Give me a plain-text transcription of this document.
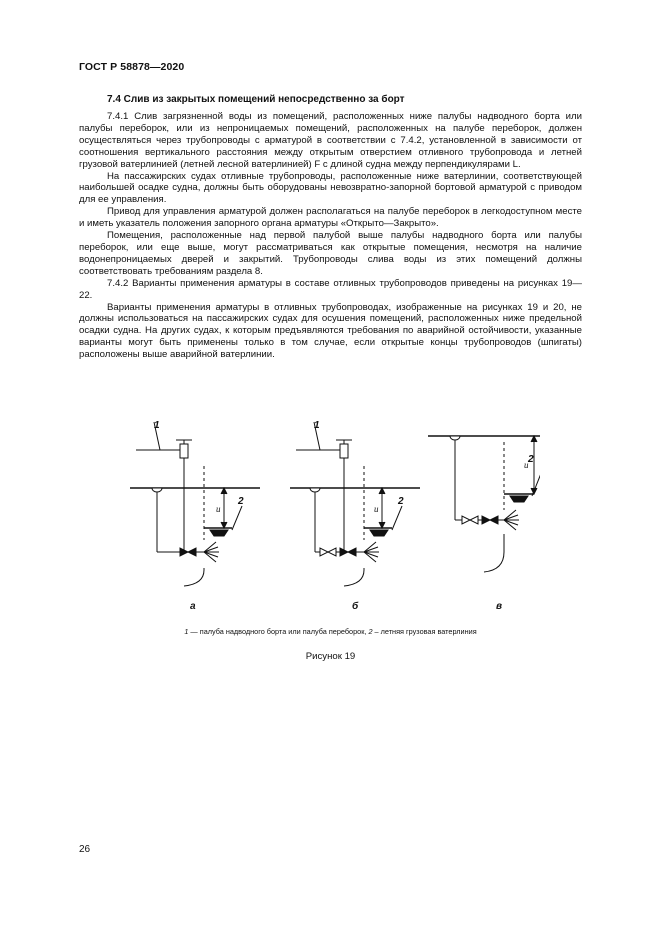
ГОСТ Р 58878—2020
7.4 Слив из закрытых помещений непосредственно за борт

7.4.1 Слив загрязненной воды из помещений, расположенных ниже палубы надводного борта или палубы переборок, или из непроницаемых помещений, расположенных на палубе переборок, должен осуществляться через трубопроводы с арматурой в соответствии с 7.4.2, установленной в зависимости от соотношения вертикального расстояния между открытым отверстием отливного трубопровода и летней грузовой ватерлинией (летней лесной ватерлинией) F с длиной судна между перпендикулярами L.

На пассажирских судах отливные трубопроводы, расположенные ниже ватерлинии, соответствующей наибольшей осадке судна, должны быть оборудованы невозвратно-запорной бортовой арматурой с приводом для ее управления.

Привод для управления арматурой должен располагаться на палубе переборок в легкодоступном месте и иметь указатель положения запорного органа арматуры «Открыто—Закрыто».

Помещения, расположенные над первой палубой выше палубы надводного борта или палубы переборок, или еще выше, могут рассматриваться как открытые помещения, несмотря на наличие водонепроницаемых дверей и закрытий. Трубопроводы слива воды из этих помещений должны соответствовать требованиям раздела 8.

7.4.2 Варианты применения арматуры в составе отливных трубопроводов приведены на рисунках 19—22.

Варианты применения арматуры в отливных трубопроводах, изображенные на рисунках 19 и 20, не должны использоваться на пассажирских судах для осушения помещений, расположенных ниже предельной осадки судна. На других судах, к которым предъявляются требования по аварийной остойчивости, указанные варианты могут быть применены только в том случае, если открытые концы трубопроводов (шпигаты) расположены выше аварийной ватерлинии.

1
u
2
а
1
u
2
б
u 2
в
1 — палуба надводного борта или палуба переборок, 2 – летняя грузовая ватерлиния
Рисунок 19
26
